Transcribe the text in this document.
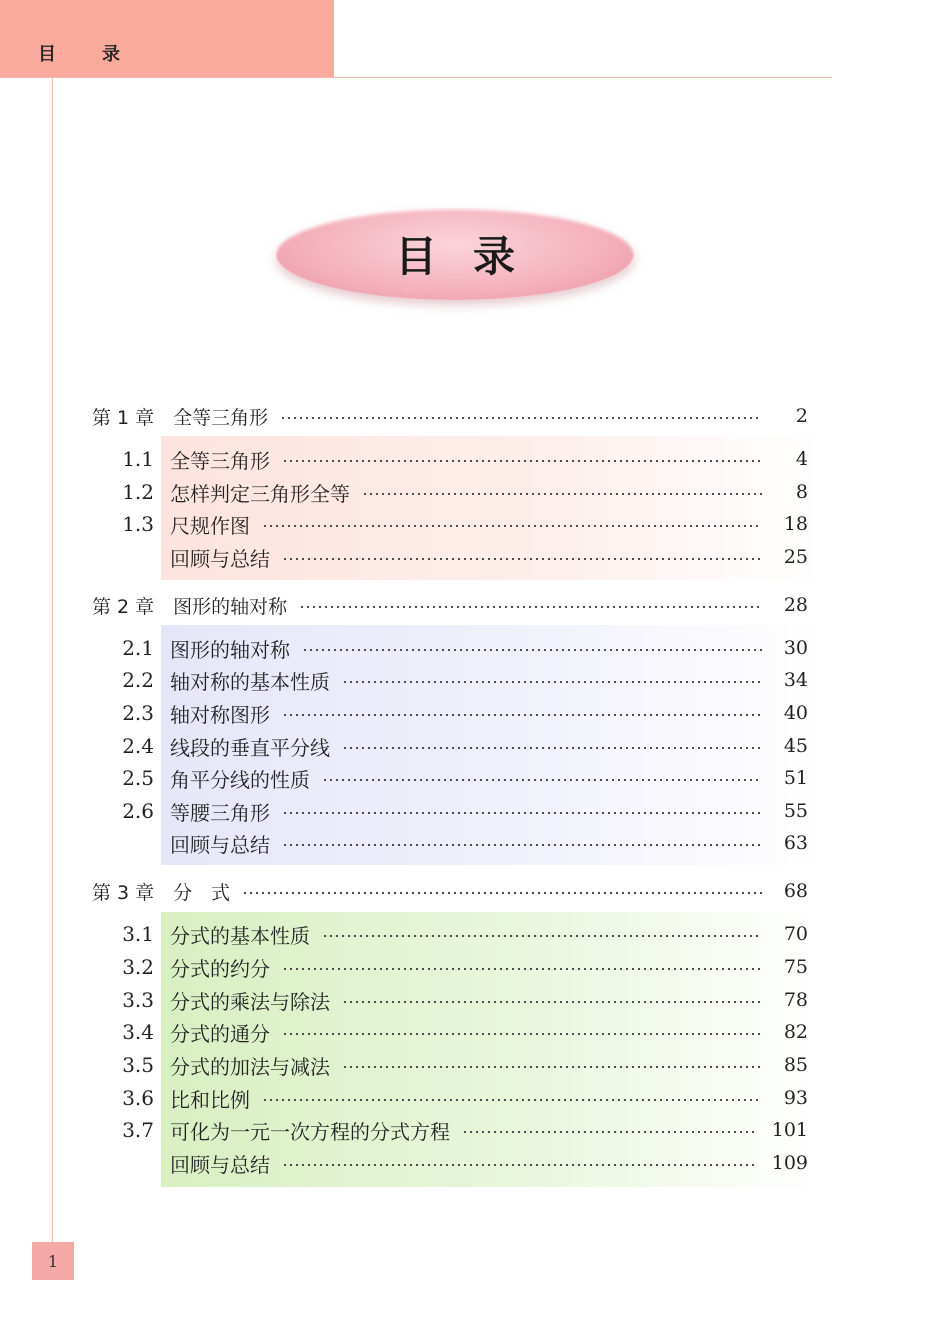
目　录
目录
第 1 章　全等三角形	2
1.1 全等三角形	4
1.2 怎样判定三角形全等	8
1.3 尺规作图	18
回顾与总结	25
第 2 章　图形的轴对称	28
2.1 图形的轴对称	30
2.2 轴对称的基本性质	34
2.3 轴对称图形	40
2.4 线段的垂直平分线	45
2.5 角平分线的性质	51
2.6 等腰三角形	55
回顾与总结	63
第 3 章　分　式	68
3.1 分式的基本性质	70
3.2 分式的约分	75
3.3 分式的乘法与除法	78
3.4 分式的通分	82
3.5 分式的加法与减法	85
3.6 比和比例	93
3.7 可化为一元一次方程的分式方程	101
回顾与总结	109
1
